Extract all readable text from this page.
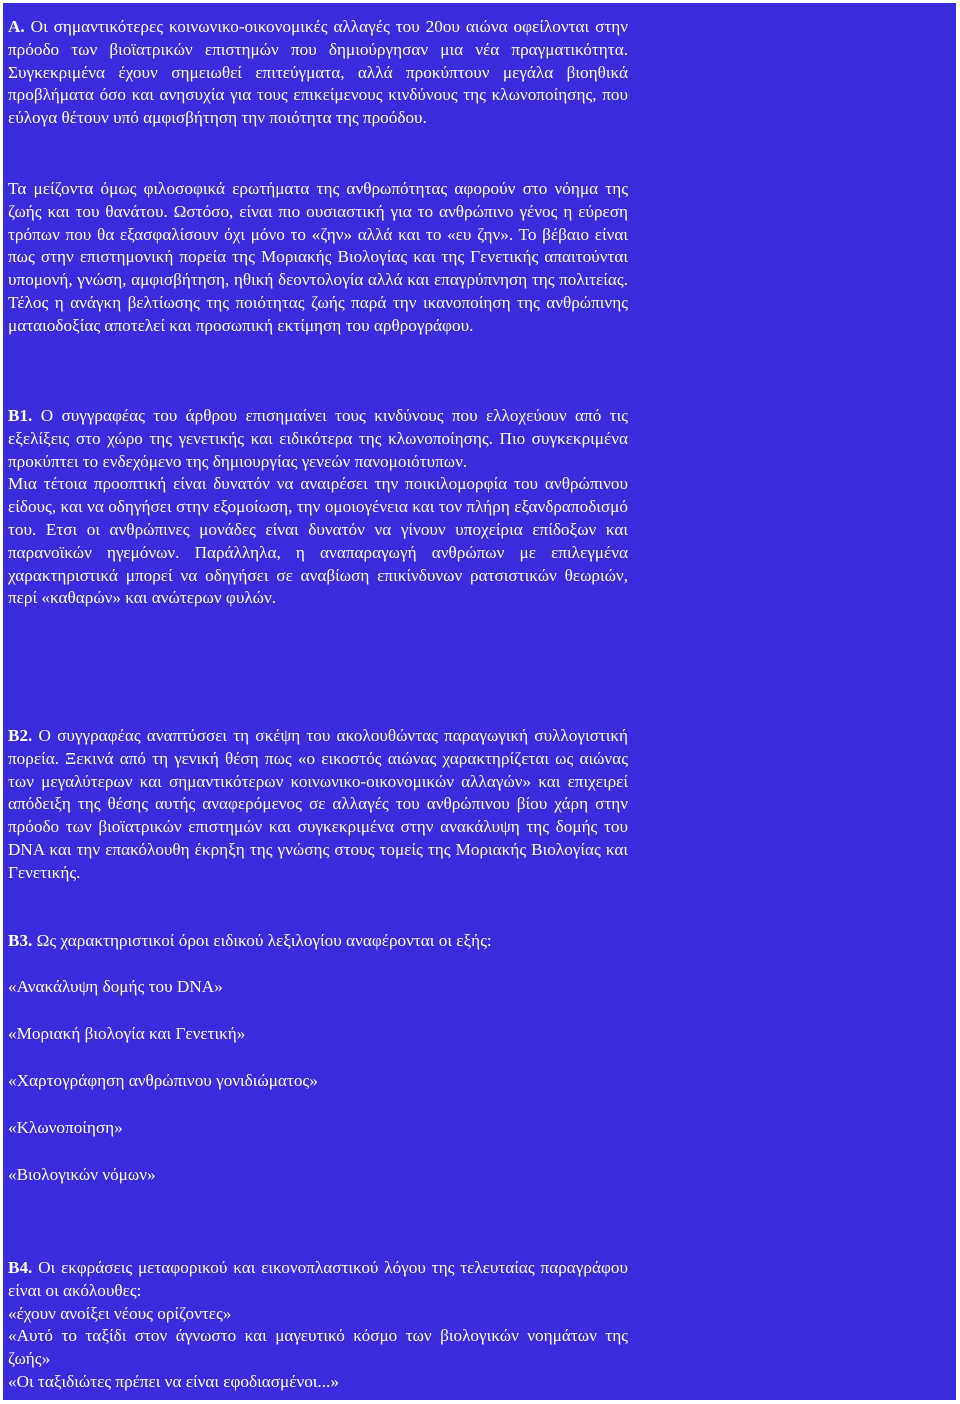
A. Οι σημαντικότερες κοινωνικο-οικονομικές αλλαγές του 20ου αιώνα οφείλονται στην πρόοδο των βιοϊατρικών επιστημών που δημιούργησαν μια νέα πραγματικότητα. Συγκεκριμένα έχουν σημειωθεί επιτεύγματα, αλλά προκύπτουν μεγάλα βιοηθικά προβλήματα όσο και ανησυχία για τους επικείμενους κινδύνους της κλωνοποίησης, που εύλογα θέτουν υπό αμφισβήτηση την ποιότητα της προόδου.

Τα μείζοντα όμως φιλοσοφικά ερωτήματα της ανθρωπότητας αφορούν στο νόημα της ζωής και του θανάτου. Ωστόσο, είναι πιο ουσιαστική για το ανθρώπινο γένος η εύρεση τρόπων που θα εξασφαλίσουν όχι μόνο το «ζην» αλλά και το «ευ ζην». Το βέβαιο είναι πως στην επιστημονική πορεία της Μοριακής Βιολογίας και της Γενετικής απαιτούνται υπομονή, γνώση, αμφισβήτηση, ηθική δεοντολογία αλλά και επαγρύπνηση της πολιτείας. Τέλος η ανάγκη βελτίωσης της ποιότητας ζωής παρά την ικανοποίηση της ανθρώπινης ματαιοδοξίας αποτελεί και προσωπική εκτίμηση του αρθρογράφου.

Β1. Ο συγγραφέας του άρθρου επισημαίνει τους κινδύνους που ελλοχεύουν από τις εξελίξεις στο χώρο της γενετικής και ειδικότερα της κλωνοποίησης. Πιο συγκεκριμένα προκύπτει το ενδεχόμενο της δημιουργίας γενεών πανομοιότυπων.

Μια τέτοια προοπτική είναι δυνατόν να αναιρέσει την ποικιλομορφία του ανθρώπινου είδους, και να οδηγήσει στην εξομοίωση, την ομοιογένεια και τον πλήρη εξανδραποδισμό του. Ετσι οι ανθρώπινες μονάδες είναι δυνατόν να γίνουν υποχείρια επίδοξων και παρανοϊκών ηγεμόνων. Παράλληλα, η αναπαραγωγή ανθρώπων με επιλεγμένα χαρακτηριστικά μπορεί να οδηγήσει σε αναβίωση επικίνδυνων ρατσιστικών θεωριών, περί «καθαρών» και ανώτερων φυλών.

Β2. Ο συγγραφέας αναπτύσσει τη σκέψη του ακολουθώντας παραγωγική συλλογιστική πορεία. Ξεκινά από τη γενική θέση πως «ο εικοστός αιώνας χαρακτηρίζεται ως αιώνας των μεγαλύτερων και σημαντικότερων κοινωνικο-οικονομικών αλλαγών» και επιχειρεί απόδειξη της θέσης αυτής αναφερόμενος σε αλλαγές του ανθρώπινου βίου χάρη στην πρόοδο των βιοϊατρικών επιστημών και συγκεκριμένα στην ανακάλυψη της δομής του DNA και την επακόλουθη έκρηξη της γνώσης στους τομείς της Μοριακής Βιολογίας και Γενετικής.

Β3. Ως χαρακτηριστικοί όροι ειδικού λεξιλογίου αναφέρονται οι εξής:

«Ανακάλυψη δομής του DNA»

«Μοριακή βιολογία και Γενετική»

«Χαρτογράφηση ανθρώπινου γονιδιώματος»

«Κλωνοποίηση»

«Βιολογικών νόμων»

Β4. Οι εκφράσεις μεταφορικού και εικονοπλαστικού λόγου της τελευταίας παραγράφου είναι οι ακόλουθες:

«έχουν ανοίξει νέους ορίζοντες»

«Αυτό το ταξίδι στον άγνωστο και μαγευτικό κόσμο των βιολογικών νοημάτων της ζωής»

«Οι ταξιδιώτες πρέπει να είναι εφοδιασμένοι...»
